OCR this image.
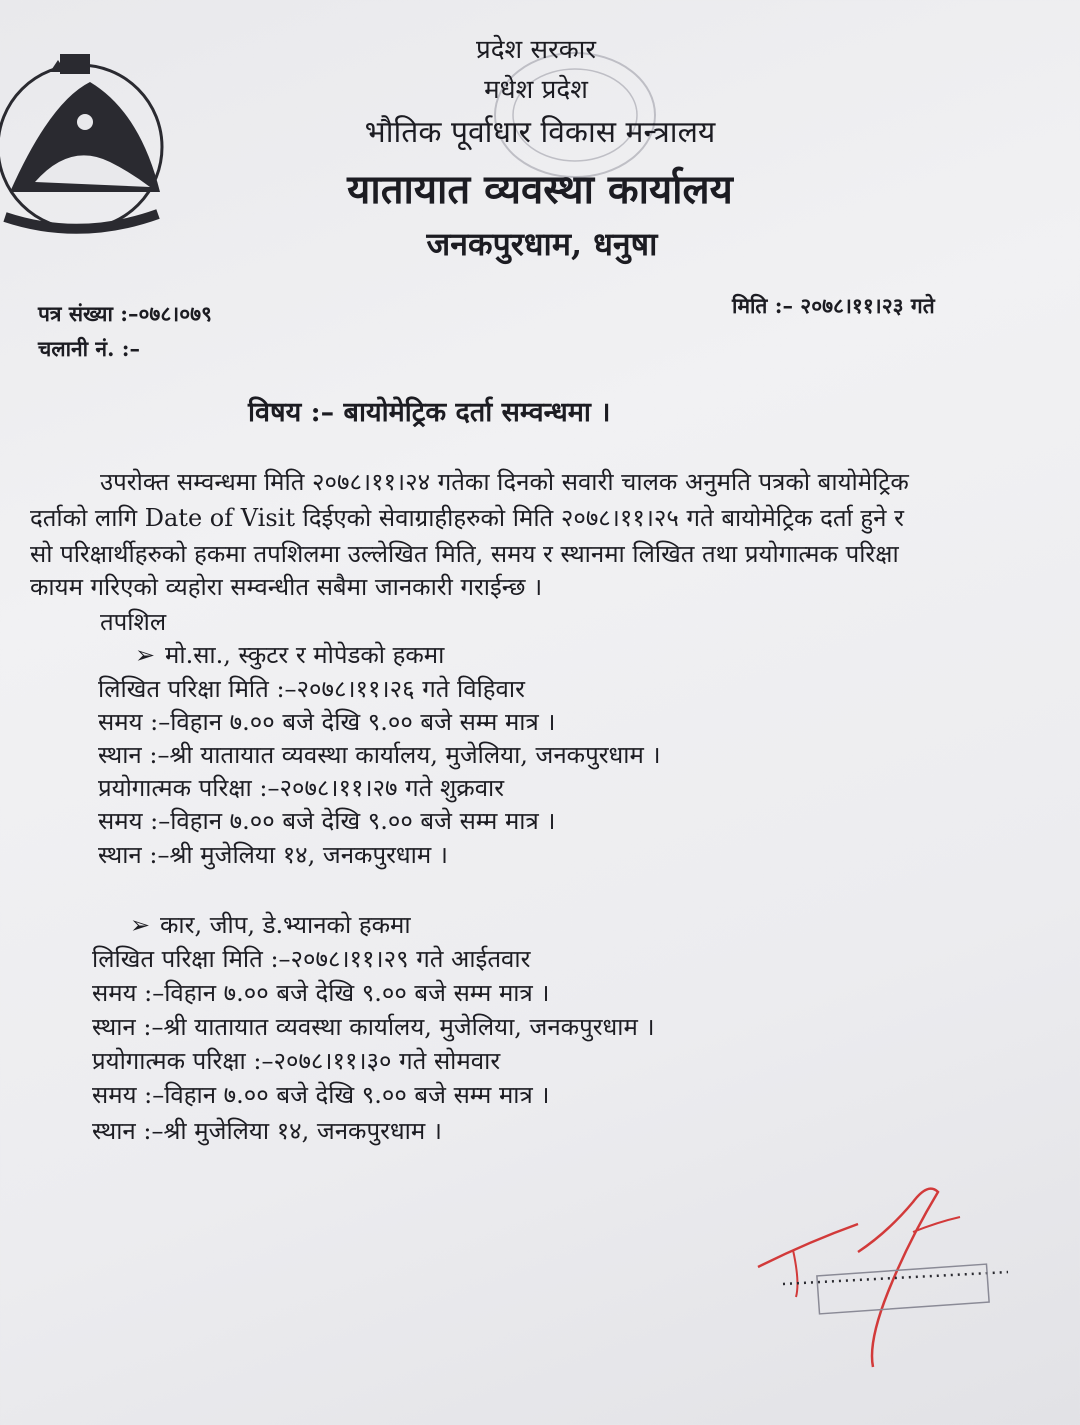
प्रदेश सरकार
मधेश प्रदेश
भौतिक पूर्वाधार विकास मन्त्रालय
यातायात व्यवस्था कार्यालय
जनकपुरधाम, धनुषा
पत्र संख्या :–०७८।०७९
चलानी नं. :–
मिति :– २०७८।११।२३ गते
विषय :– बायोमेट्रिक दर्ता सम्वन्धमा ।
उपरोक्त सम्वन्धमा मिति २०७८।११।२४ गतेका दिनको सवारी चालक अनुमति पत्रको बायोमेट्रिक
दर्ताको लागि Date of Visit दिईएको सेवाग्राहीहरुको मिति २०७८।११।२५ गते बायोमेट्रिक दर्ता हुने र
सो परिक्षार्थीहरुको हकमा तपशिलमा उल्लेखित मिति, समय र स्थानमा लिखित तथा प्रयोगात्मक परिक्षा
कायम गरिएको व्यहोरा सम्वन्धीत सबैमा जानकारी गराईन्छ ।
तपशिल
➢ मो.सा., स्कुटर र मोपेडको हकमा
लिखित परिक्षा मिति :–२०७८।११।२६ गते विहिवार
समय :–विहान ७.०० बजे देखि ९.०० बजे सम्म मात्र ।
स्थान :–श्री यातायात व्यवस्था कार्यालय, मुजेलिया, जनकपुरधाम ।
प्रयोगात्मक परिक्षा :–२०७८।११।२७ गते शुक्रवार
समय :–विहान ७.०० बजे देखि ९.०० बजे सम्म मात्र ।
स्थान :–श्री मुजेलिया १४, जनकपुरधाम ।
➢ कार, जीप, डे.भ्यानको हकमा
लिखित परिक्षा मिति :–२०७८।११।२९ गते आईतवार
समय :–विहान ७.०० बजे देखि ९.०० बजे सम्म मात्र ।
स्थान :–श्री यातायात व्यवस्था कार्यालय, मुजेलिया, जनकपुरधाम ।
प्रयोगात्मक परिक्षा :–२०७८।११।३० गते सोमवार
समय :–विहान ७.०० बजे देखि ९.०० बजे सम्म मात्र ।
स्थान :–श्री मुजेलिया १४, जनकपुरधाम ।
